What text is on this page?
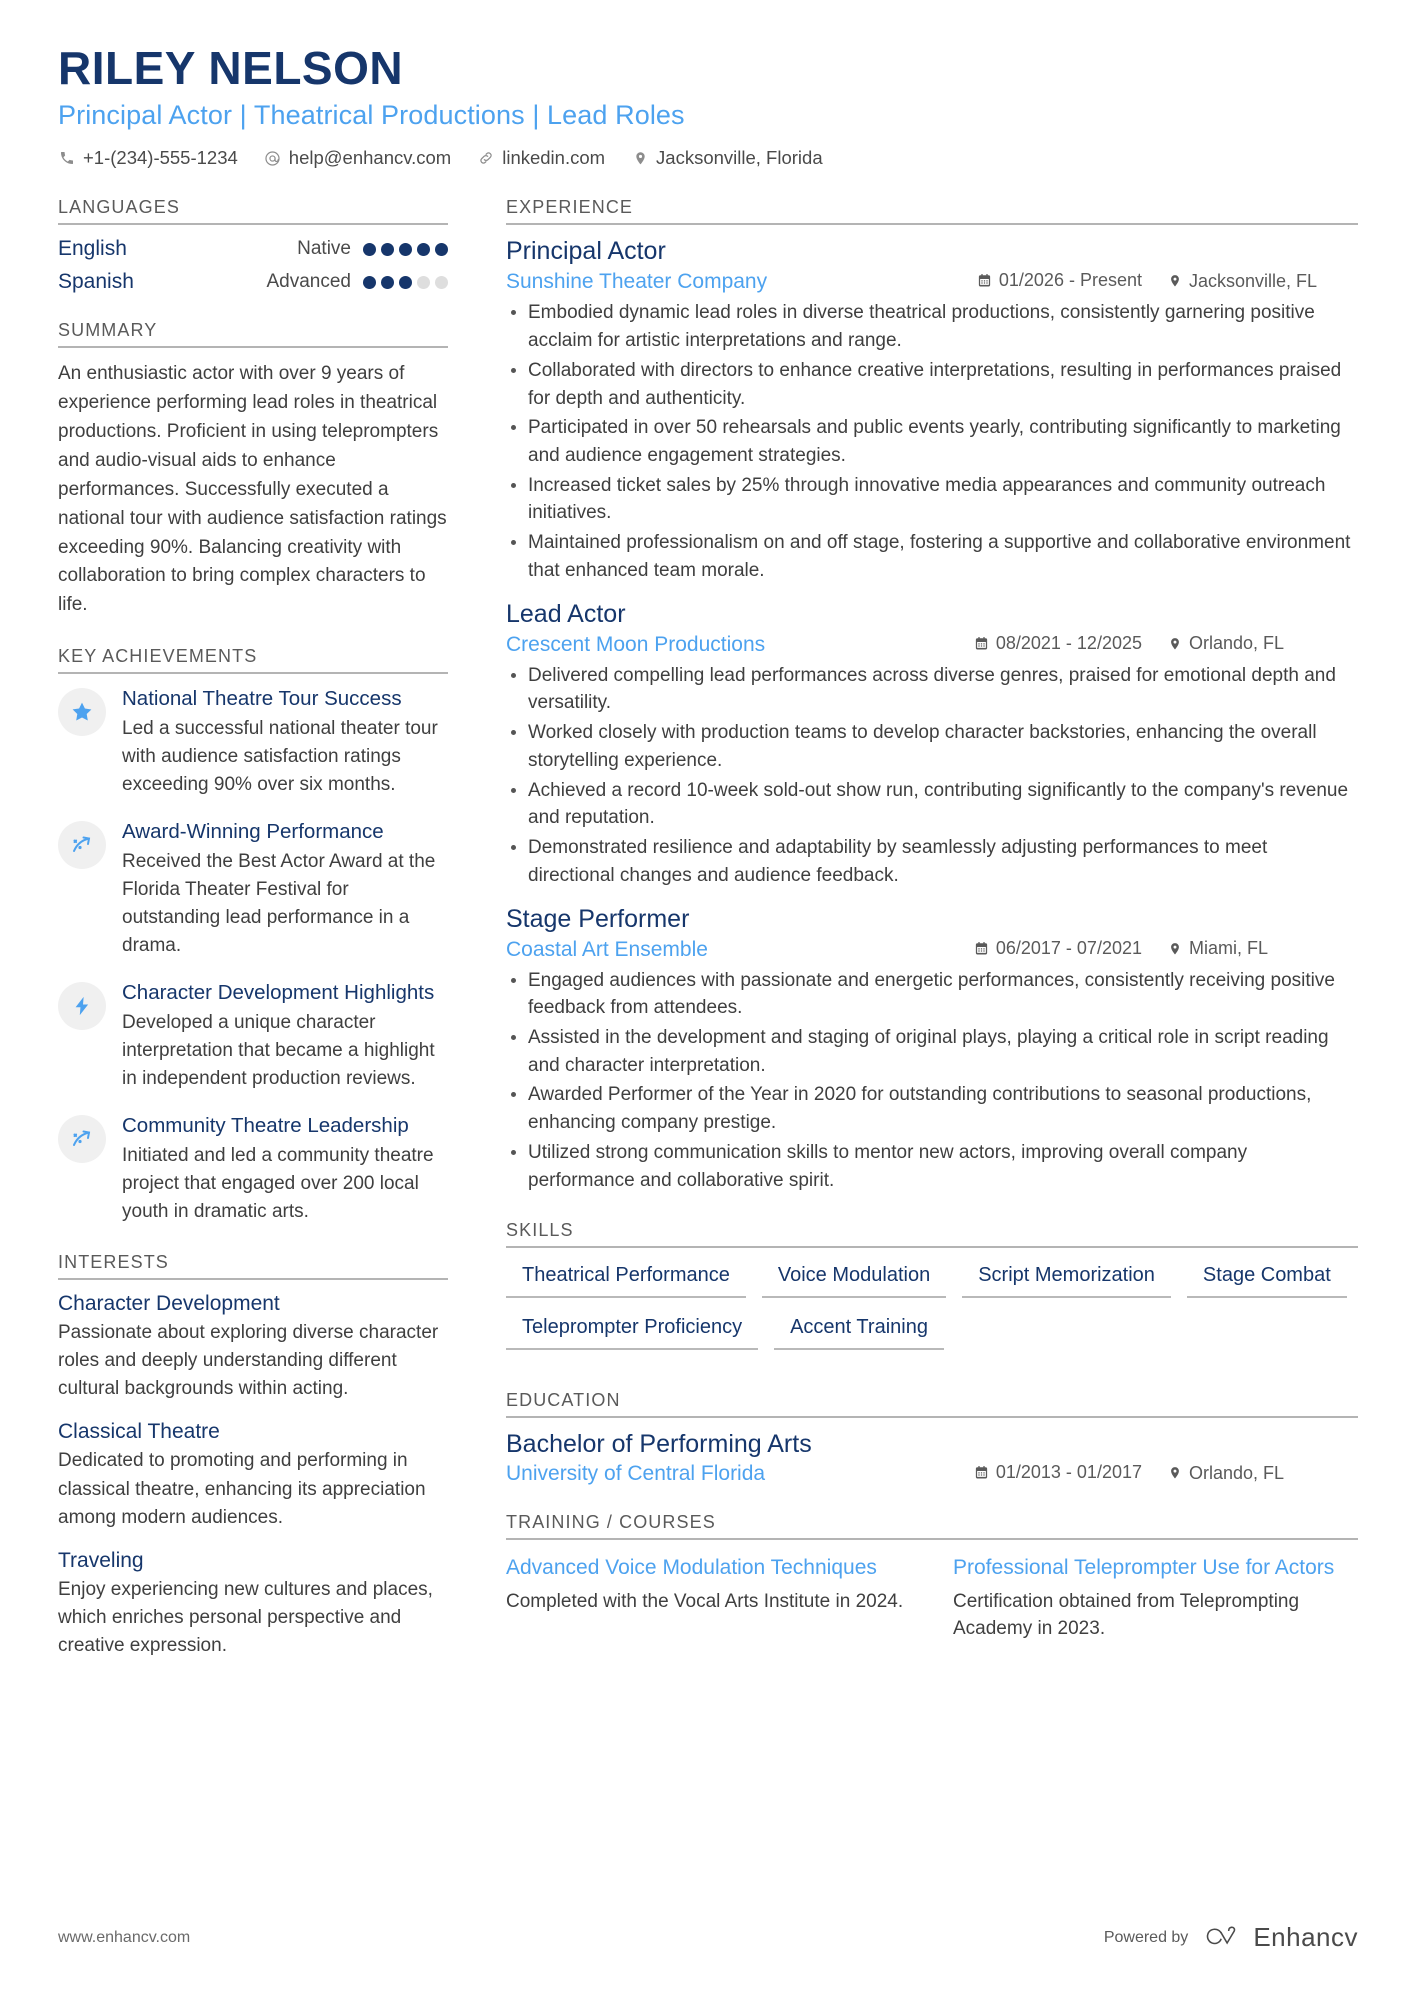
RILEY NELSON
Principal Actor | Theatrical Productions | Lead Roles
+1-(234)-555-1234	help@enhancv.com	linkedin.com	Jacksonville, Florida
LANGUAGES
English	Native
Spanish	Advanced
SUMMARY
An enthusiastic actor with over 9 years of experience performing lead roles in theatrical productions. Proficient in using teleprompters and audio-visual aids to enhance performances. Successfully executed a national tour with audience satisfaction ratings exceeding 90%. Balancing creativity with collaboration to bring complex characters to life.
KEY ACHIEVEMENTS
National Theatre Tour Success
Led a successful national theater tour with audience satisfaction ratings exceeding 90% over six months.
Award-Winning Performance
Received the Best Actor Award at the Florida Theater Festival for outstanding lead performance in a drama.
Character Development Highlights
Developed a unique character interpretation that became a highlight in independent production reviews.
Community Theatre Leadership
Initiated and led a community theatre project that engaged over 200 local youth in dramatic arts.
INTERESTS
Character Development
Passionate about exploring diverse character roles and deeply understanding different cultural backgrounds within acting.
Classical Theatre
Dedicated to promoting and performing in classical theatre, enhancing its appreciation among modern audiences.
Traveling
Enjoy experiencing new cultures and places, which enriches personal perspective and creative expression.
EXPERIENCE
Principal Actor
Sunshine Theater Company	01/2026 - Present	Jacksonville, FL
Embodied dynamic lead roles in diverse theatrical productions, consistently garnering positive acclaim for artistic interpretations and range.
Collaborated with directors to enhance creative interpretations, resulting in performances praised for depth and authenticity.
Participated in over 50 rehearsals and public events yearly, contributing significantly to marketing and audience engagement strategies.
Increased ticket sales by 25% through innovative media appearances and community outreach initiatives.
Maintained professionalism on and off stage, fostering a supportive and collaborative environment that enhanced team morale.
Lead Actor
Crescent Moon Productions	08/2021 - 12/2025	Orlando, FL
Delivered compelling lead performances across diverse genres, praised for emotional depth and versatility.
Worked closely with production teams to develop character backstories, enhancing the overall storytelling experience.
Achieved a record 10-week sold-out show run, contributing significantly to the company's revenue and reputation.
Demonstrated resilience and adaptability by seamlessly adjusting performances to meet directional changes and audience feedback.
Stage Performer
Coastal Art Ensemble	06/2017 - 07/2021	Miami, FL
Engaged audiences with passionate and energetic performances, consistently receiving positive feedback from attendees.
Assisted in the development and staging of original plays, playing a critical role in script reading and character interpretation.
Awarded Performer of the Year in 2020 for outstanding contributions to seasonal productions, enhancing company prestige.
Utilized strong communication skills to mentor new actors, improving overall company performance and collaborative spirit.
SKILLS
Theatrical Performance	Voice Modulation	Script Memorization	Stage Combat
Teleprompter Proficiency	Accent Training
EDUCATION
Bachelor of Performing Arts
University of Central Florida	01/2013 - 01/2017	Orlando, FL
TRAINING / COURSES
Advanced Voice Modulation Techniques
Completed with the Vocal Arts Institute in 2024.
Professional Teleprompter Use for Actors
Certification obtained from Teleprompting Academy in 2023.
www.enhancv.com	Powered by	Enhancv
